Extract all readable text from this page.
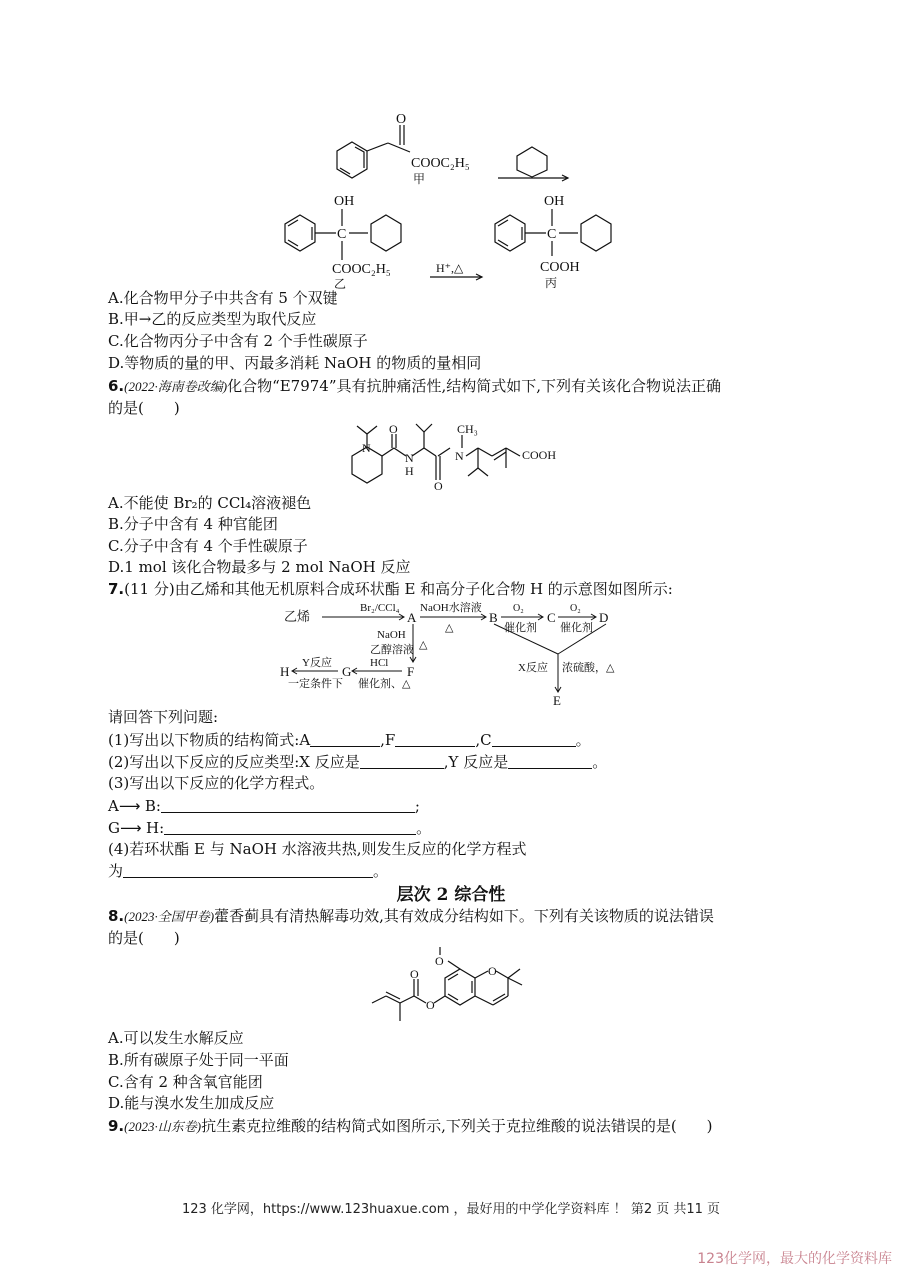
O
COOC₂H₅
甲
OH
C
COOC₂H₅
乙
H⁺,△
OH
C
COOH
丙
A.化合物甲分子中共含有 5 个双键
B.甲→乙的反应类型为取代反应
C.化合物丙分子中含有 2 个手性碳原子
D.等物质的量的甲、丙最多消耗 NaOH 的物质的量相同
6.(2022·海南卷改编)化合物“E7974”具有抗肿痛活性,结构简式如下,下列有关该化合物说法正确
的是(　　)
N
O
N
H
O
N
CH₃
COOH
A.不能使 Br₂的 CCl₄溶液褪色
B.分子中含有 4 种官能团
C.分子中含有 4 个手性碳原子
D.1 mol 该化合物最多与 2 mol NaOH 反应
7.(11 分)由乙烯和其他无机原料合成环状酯 E 和高分子化合物 H 的示意图如图所示:
乙烯
Br₂/CCl₄
A
NaOH水溶液
△
B
O₂
催化剂
C
O₂
催化剂
D
NaOH
乙醇溶液 △
F
HCl
催化剂、△
G
Y反应
一定条件下
H	X反应 浓硫酸，△
E
请回答下列问题:
(1)写出以下物质的结构简式:A	,F	,C	。
(2)写出以下反应的反应类型:X 反应是	,Y 反应是	。
(3)写出以下反应的化学方程式。
A⟶ B:	;
G⟶ H:	。
(4)若环状酯 E 与 NaOH 水溶液共热,则发生反应的化学方程式
为	。
层次 2 综合性
8.(2023·全国甲卷)藿香蓟具有清热解毒功效,其有效成分结构如下。下列有关该物质的说法错误
的是(　　)
O
O
O
O
A.可以发生水解反应
B.所有碳原子处于同一平面
C.含有 2 种含氧官能团
D.能与溴水发生加成反应
9.(2023·山东卷)抗生素克拉维酸的结构简式如图所示,下列关于克拉维酸的说法错误的是(　　)
123 化学网，https://www.123huaxue.com ，最好用的中学化学资料库 ！ 第2 页 共11 页
123化学网，最大的化学资料库
